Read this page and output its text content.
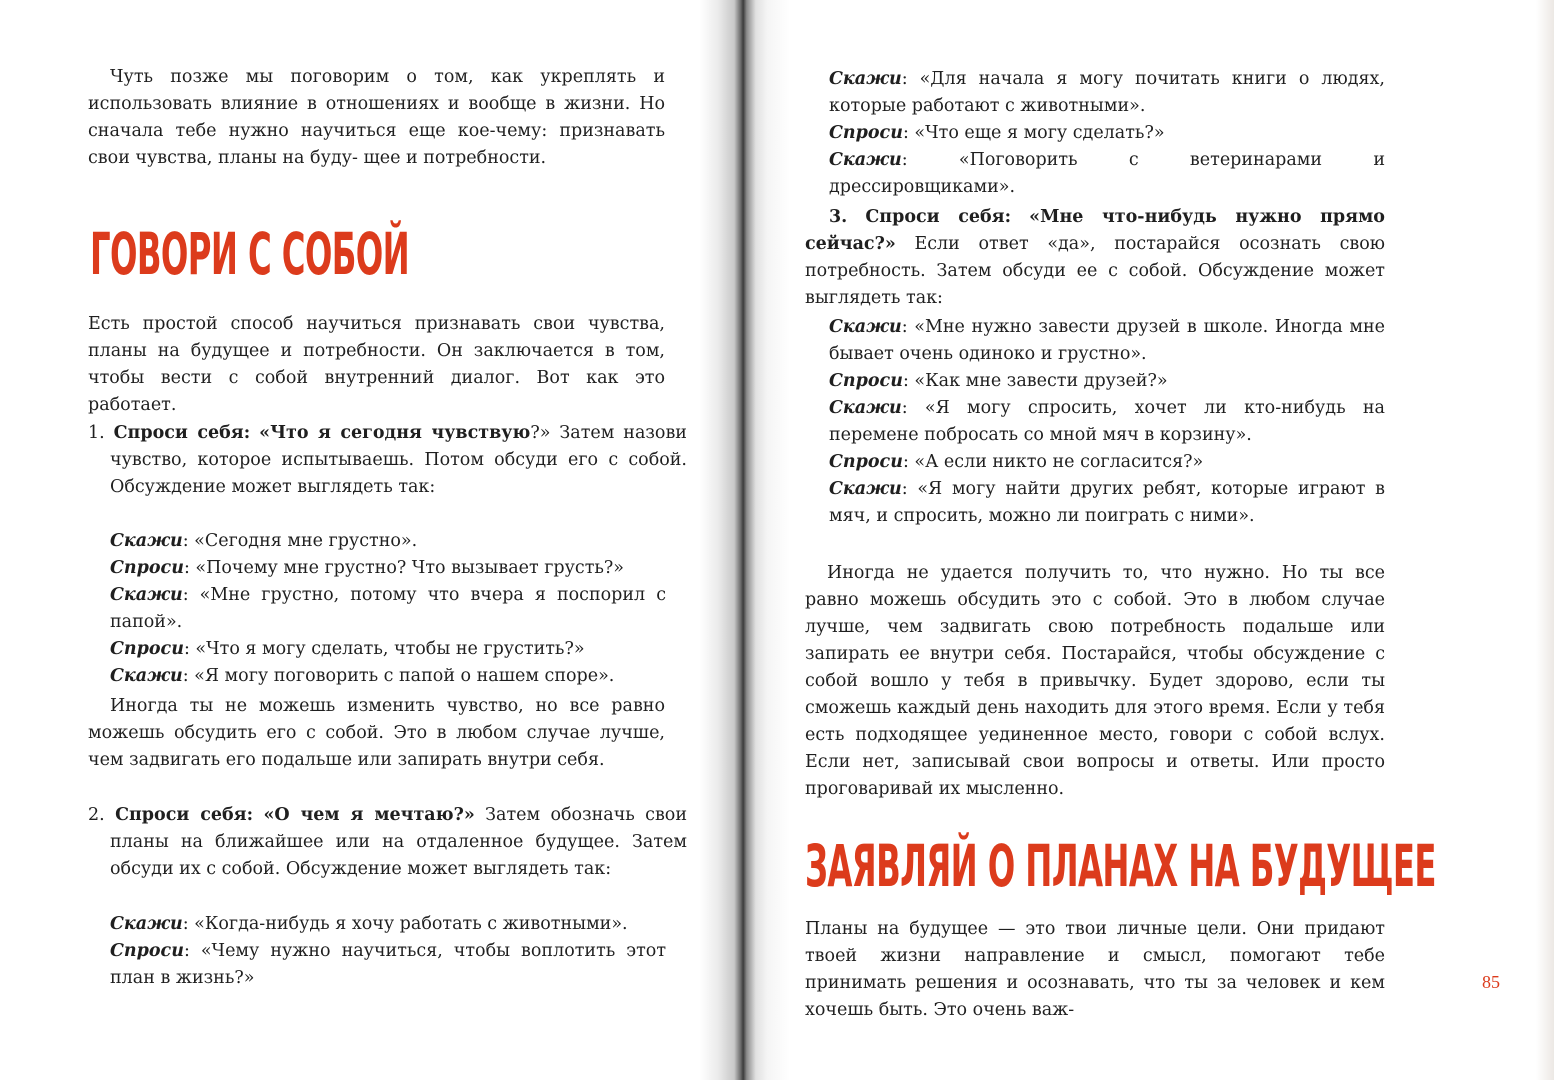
Чуть позже мы поговорим о том, как укреплять и использовать влияние в отношениях и вообще в жизни. Но сначала тебе нужно научиться еще кое-чему: признавать свои чувства, планы на буду- щее и потребности.

ГОВОРИ С СОБОЙ

Есть простой способ научиться признавать свои чувства, планы на будущее и потребности. Он заключается в том, чтобы вести с собой внутренний диалог. Вот как это работает.

1. Спроси себя: «Что я сегодня чувствую?» Затем назови чувство, которое испытываешь. Потом обсуди его с собой. Обсуждение может выглядеть так:

Скажи: «Сегодня мне грустно».

Спроси: «Почему мне грустно? Что вызывает грусть?»

Скажи: «Мне грустно, потому что вчера я поспорил с папой».

Спроси: «Что я могу сделать, чтобы не грустить?»

Скажи: «Я могу поговорить с папой о нашем споре».

Иногда ты не можешь изменить чувство, но все равно можешь обсудить его с собой. Это в любом случае лучше, чем задвигать его подальше или запирать внутри себя.

2. Спроси себя: «О чем я мечтаю?» Затем обозначь свои планы на ближайшее или на отдаленное будущее. Затем обсуди их с собой. Обсуждение может выглядеть так:

Скажи: «Когда-нибудь я хочу работать с животными».

Спроси: «Чему нужно научиться, чтобы воплотить этот план в жизнь?»

Скажи: «Для начала я могу почитать книги о людях, которые работают с животными».

Спроси: «Что еще я могу сделать?»

Скажи: «Поговорить с ветеринарами и дрессировщиками».

3. Спроси себя: «Мне что-нибудь нужно прямо сейчас?» Если ответ «да», постарайся осознать свою потребность. Затем обсуди ее с собой. Обсуждение может выглядеть так:

Скажи: «Мне нужно завести друзей в школе. Иногда мне бывает очень одиноко и грустно».

Спроси: «Как мне завести друзей?»

Скажи: «Я могу спросить, хочет ли кто-нибудь на перемене побросать со мной мяч в корзину».

Спроси: «А если никто не согласится?»

Скажи: «Я могу найти других ребят, которые играют в мяч, и спросить, можно ли поиграть с ними».

Иногда не удается получить то, что нужно. Но ты все равно можешь обсудить это с собой. Это в любом случае лучше, чем задвигать свою потребность подальше или запирать ее внутри себя. Постарайся, чтобы обсуждение с собой вошло у тебя в привычку. Будет здорово, если ты сможешь каждый день находить для этого время. Если у тебя есть подходящее уединенное место, говори с собой вслух. Если нет, записывай свои вопросы и ответы. Или просто проговаривай их мысленно.

ЗАЯВЛЯЙ О ПЛАНАХ НА БУДУЩЕЕ

Планы на будущее — это твои личные цели. Они придают твоей жизни направление и смысл, помогают тебе принимать решения и осознавать, что ты за человек и кем хочешь быть. Это очень важ-

85
